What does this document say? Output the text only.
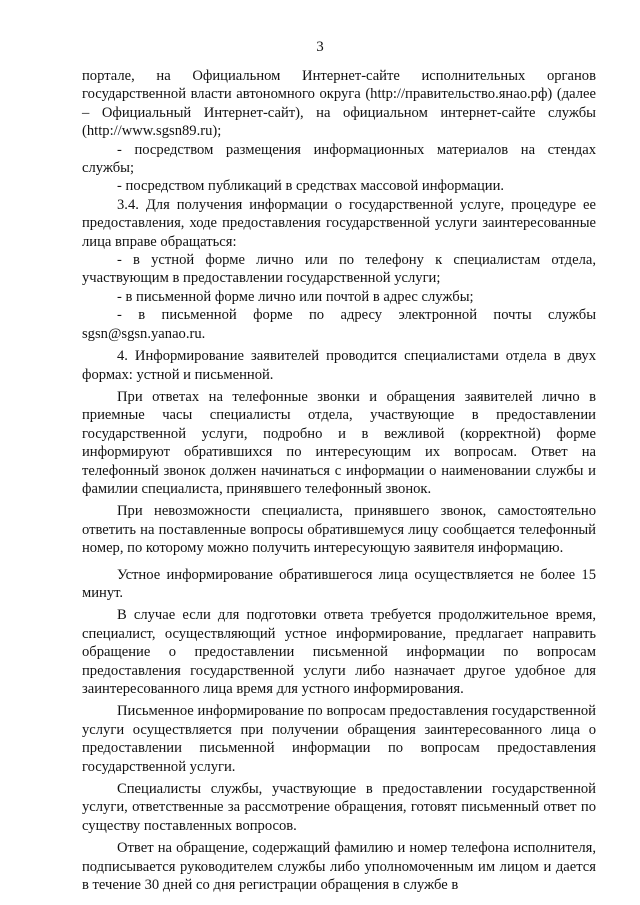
3

портале, на Официальном Интернет-сайте исполнительных органов государственной власти автономного округа (http://правительство.янао.рф) (далее – Официальный Интернет-сайт), на официальном интернет-сайте службы (http://www.sgsn89.ru);

- посредством размещения информационных материалов на стендах службы;

- посредством публикаций в средствах массовой информации.

3.4. Для получения информации о государственной услуге, процедуре ее предоставления, ходе предоставления государственной услуги заинтересованные лица вправе обращаться:

- в устной форме лично или по телефону к специалистам отдела, участвующим в предоставлении государственной услуги;

- в письменной форме лично или почтой в адрес службы;

- в письменной форме по адресу электронной почты службы sgsn@sgsn.yanao.ru.

4. Информирование заявителей проводится специалистами отдела в двух формах: устной и письменной.

При ответах на телефонные звонки и обращения заявителей лично в приемные часы специалисты отдела, участвующие в предоставлении государственной услуги, подробно и в вежливой (корректной) форме информируют обратившихся по интересующим их вопросам. Ответ на телефонный звонок должен начинаться с информации о наименовании службы и фамилии специалиста, принявшего телефонный звонок.

При невозможности специалиста, принявшего звонок, самостоятельно ответить на поставленные вопросы обратившемуся лицу сообщается телефонный номер, по которому можно получить интересующую заявителя информацию.

Устное информирование обратившегося лица осуществляется не более 15 минут.

В случае если для подготовки ответа требуется продолжительное время, специалист, осуществляющий устное информирование, предлагает направить обращение о предоставлении письменной информации по вопросам предоставления государственной услуги либо назначает другое удобное для заинтересованного лица время для устного информирования.

Письменное информирование по вопросам предоставления государственной услуги осуществляется при получении обращения заинтересованного лица о предоставлении письменной информации по вопросам предоставления государственной услуги.

Специалисты службы, участвующие в предоставлении государственной услуги, ответственные за рассмотрение обращения, готовят письменный ответ по существу поставленных вопросов.

Ответ на обращение, содержащий фамилию и номер телефона исполнителя, подписывается руководителем службы либо уполномоченным им лицом и дается в течение 30 дней со дня регистрации обращения в службе в
